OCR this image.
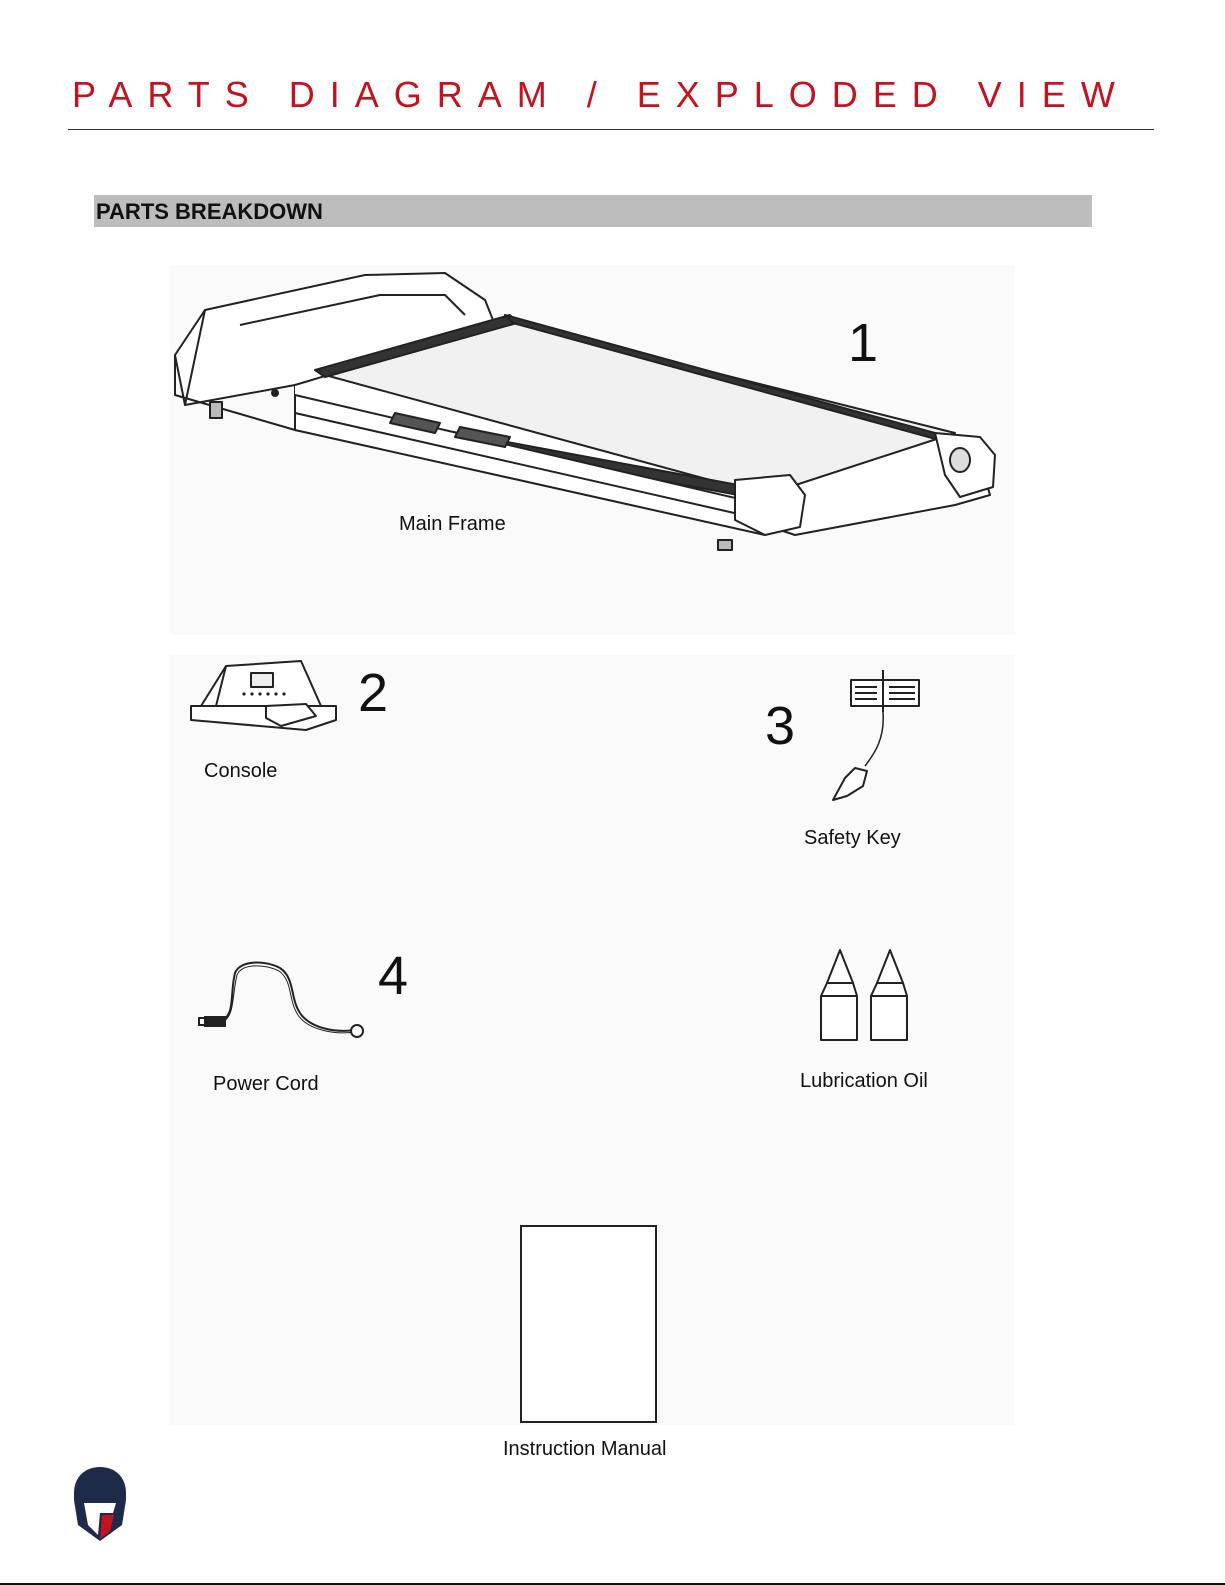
PARTS DIAGRAM / EXPLODED VIEW
PARTS BREAKDOWN
1
Main Frame
2
Console
3
Safety Key
4
Power Cord	Lubrication Oil
Instruction Manual
